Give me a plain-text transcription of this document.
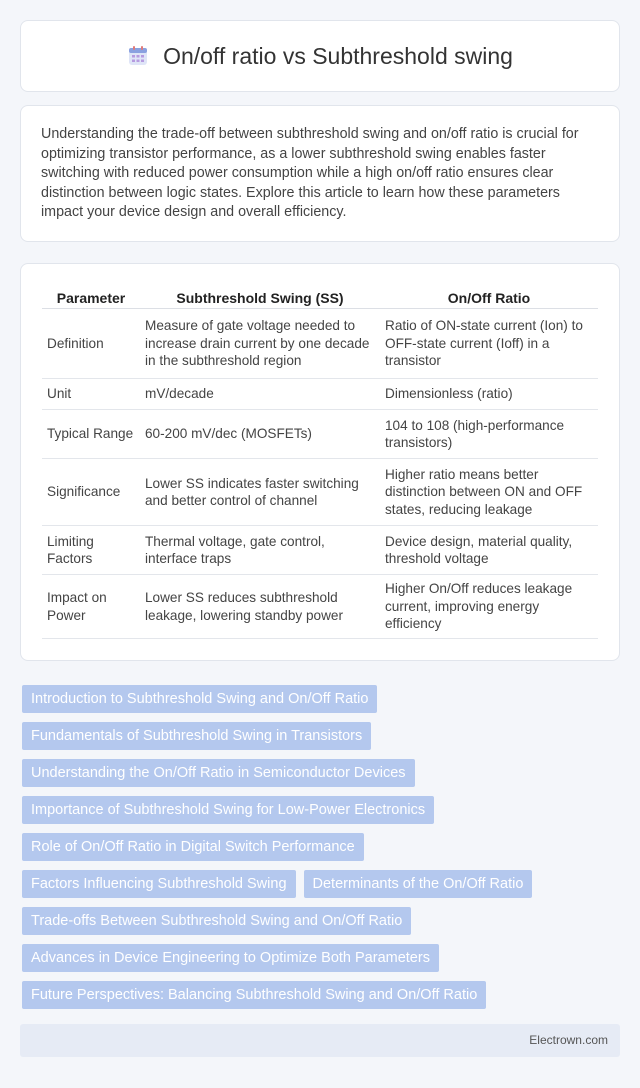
On/off ratio vs Subthreshold swing

Understanding the trade-off between subthreshold swing and on/off ratio is crucial for optimizing transistor performance, as a lower subthreshold swing enables faster switching with reduced power consumption while a high on/off ratio ensures clear distinction between logic states. Explore this article to learn how these parameters impact your device design and overall efficiency.

Parameter	Subthreshold Swing (SS)	On/Off Ratio
Definition	Measure of gate voltage needed to increase drain current by one decade in the subthreshold region	Ratio of ON-state current (Ion) to OFF-state current (Ioff) in a transistor
Unit	mV/decade	Dimensionless (ratio)
Typical Range	60-200 mV/dec (MOSFETs)	104 to 108 (high-performance transistors)
Significance	Lower SS indicates faster switching and better control of channel	Higher ratio means better distinction between ON and OFF states, reducing leakage
Limiting Factors	Thermal voltage, gate control, interface traps	Device design, material quality, threshold voltage
Impact on Power	Lower SS reduces subthreshold leakage, lowering standby power	Higher On/Off reduces leakage current, improving energy efficiency
Introduction to Subthreshold Swing and On/Off Ratio
Fundamentals of Subthreshold Swing in Transistors
Understanding the On/Off Ratio in Semiconductor Devices
Importance of Subthreshold Swing for Low-Power Electronics
Role of On/Off Ratio in Digital Switch Performance
Factors Influencing Subthreshold Swing	Determinants of the On/Off Ratio
Trade-offs Between Subthreshold Swing and On/Off Ratio
Advances in Device Engineering to Optimize Both Parameters
Future Perspectives: Balancing Subthreshold Swing and On/Off Ratio
Electrown.com
